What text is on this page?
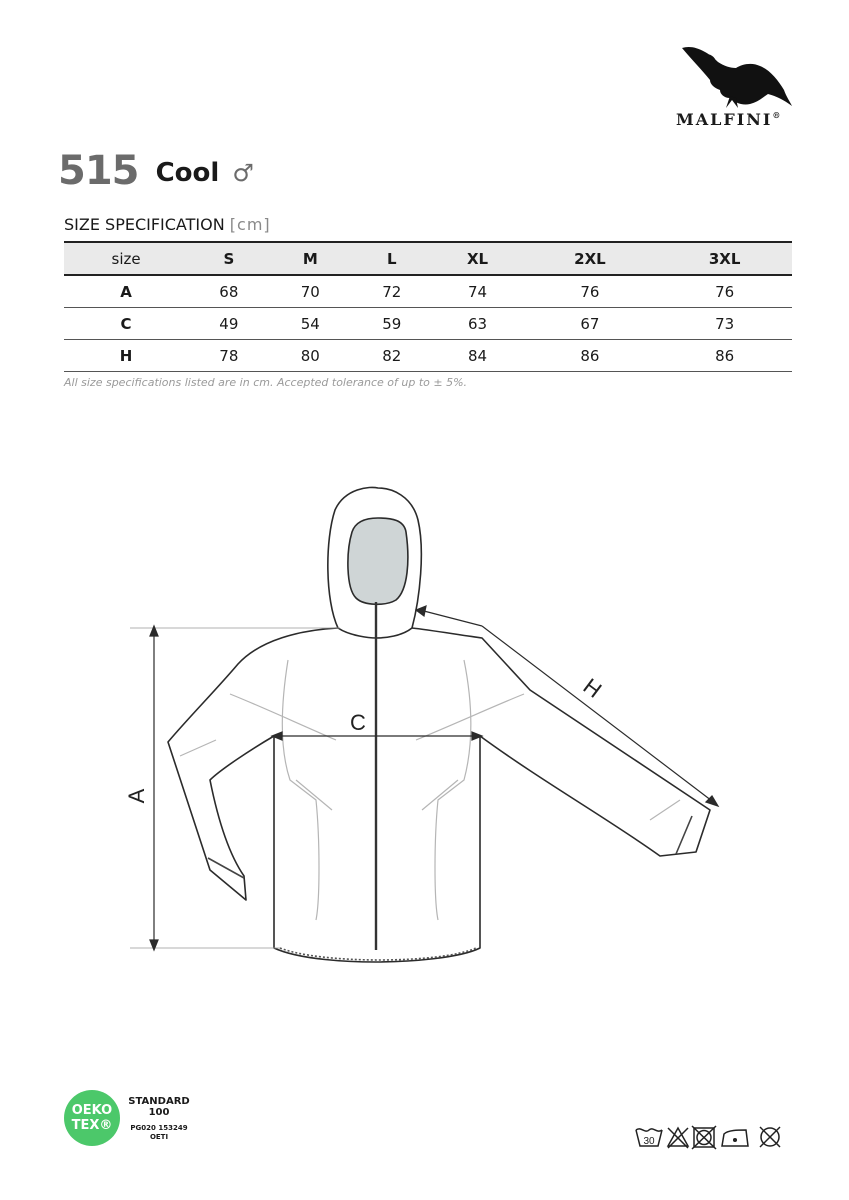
MALFINI®
515 Cool ♂
SIZE SPECIFICATION [cm]
size	S	M	L	XL	2XL	3XL
A	68	70	72	74	76	76
C	49	54	59	63	67	73
H	78	80	82	84	86	86
All size specifications listed are in cm. Accepted tolerance of up to ± 5%.
A
C
H
OEKO
TEX®
STANDARD
100
PG020 153249
OETI	30
